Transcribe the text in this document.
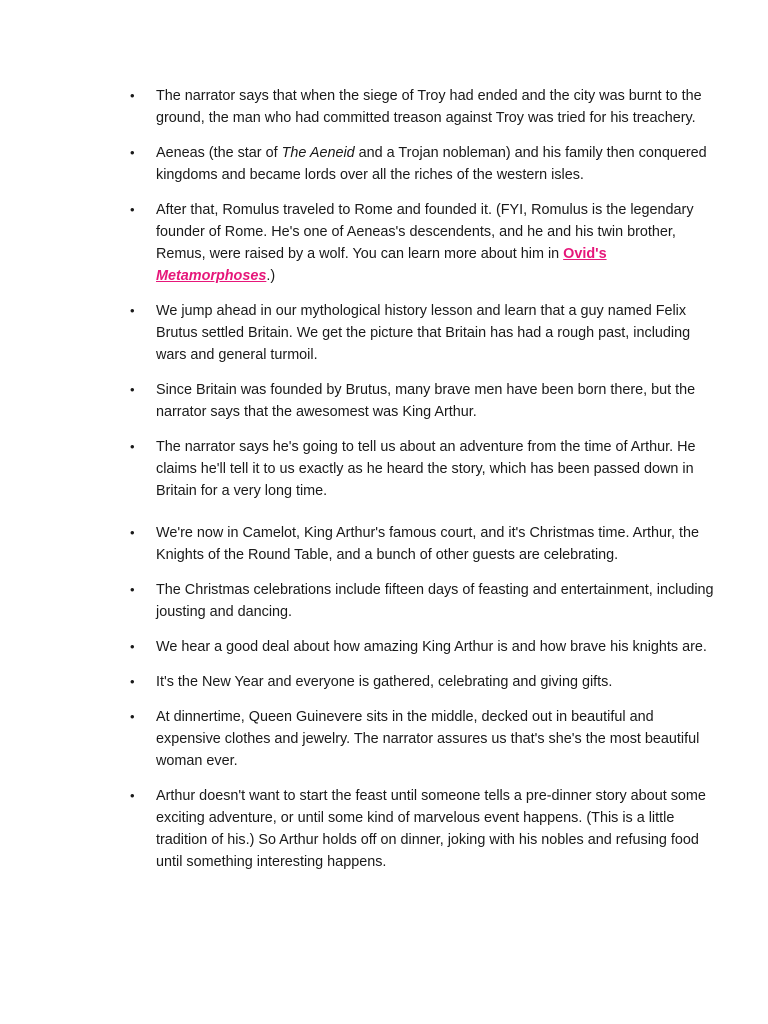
• The narrator says that when the siege of Troy had ended and the city was burnt to the ground, the man who had committed treason against Troy was tried for his treachery.
• Aeneas (the star of The Aeneid and a Trojan nobleman) and his family then conquered kingdoms and became lords over all the riches of the western isles.
• After that, Romulus traveled to Rome and founded it. (FYI, Romulus is the legendary founder of Rome. He's one of Aeneas's descendents, and he and his twin brother, Remus, were raised by a wolf. You can learn more about him in Ovid's Metamorphoses.)
• We jump ahead in our mythological history lesson and learn that a guy named Felix Brutus settled Britain. We get the picture that Britain has had a rough past, including wars and general turmoil.
• Since Britain was founded by Brutus, many brave men have been born there, but the narrator says that the awesomest was King Arthur.
• The narrator says he's going to tell us about an adventure from the time of Arthur. He claims he'll tell it to us exactly as he heard the story, which has been passed down in Britain for a very long time.
• We're now in Camelot, King Arthur's famous court, and it's Christmas time. Arthur, the Knights of the Round Table, and a bunch of other guests are celebrating.
• The Christmas celebrations include fifteen days of feasting and entertainment, including jousting and dancing.
• We hear a good deal about how amazing King Arthur is and how brave his knights are.
• It's the New Year and everyone is gathered, celebrating and giving gifts.
• At dinnertime, Queen Guinevere sits in the middle, decked out in beautiful and expensive clothes and jewelry. The narrator assures us that's she's the most beautiful woman ever.
• Arthur doesn't want to start the feast until someone tells a pre-dinner story about some exciting adventure, or until some kind of marvelous event happens. (This is a little tradition of his.) So Arthur holds off on dinner, joking with his nobles and refusing food until something interesting happens.
